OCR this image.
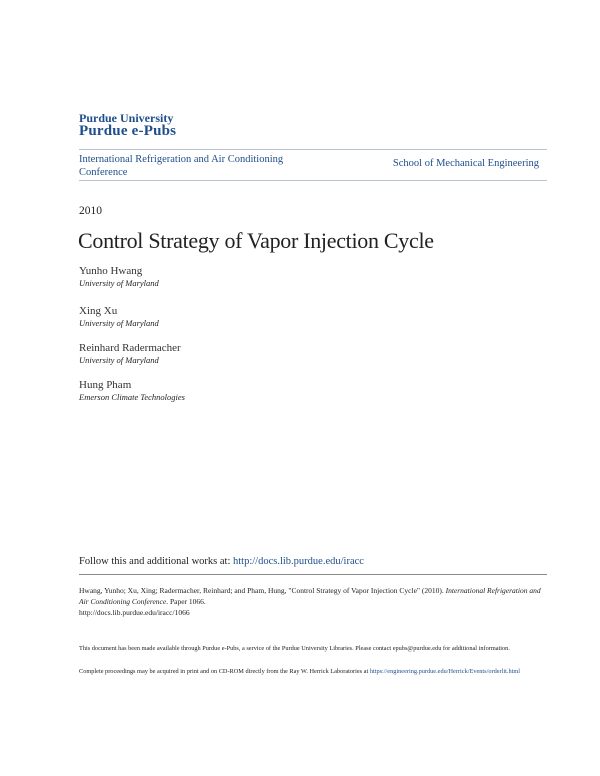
Purdue University
Purdue e-Pubs
International Refrigeration and Air Conditioning Conference
School of Mechanical Engineering
2010
Control Strategy of Vapor Injection Cycle
Yunho Hwang
University of Maryland
Xing Xu
University of Maryland
Reinhard Radermacher
University of Maryland
Hung Pham
Emerson Climate Technologies
Follow this and additional works at: http://docs.lib.purdue.edu/iracc
Hwang, Yunho; Xu, Xing; Radermacher, Reinhard; and Pham, Hung, "Control Strategy of Vapor Injection Cycle" (2010). International Refrigeration and Air Conditioning Conference. Paper 1066.
http://docs.lib.purdue.edu/iracc/1066
This document has been made available through Purdue e-Pubs, a service of the Purdue University Libraries. Please contact epubs@purdue.edu for additional information.
Complete proceedings may be acquired in print and on CD-ROM directly from the Ray W. Herrick Laboratories at https://engineering.purdue.edu/Herrick/Events/orderlit.html
